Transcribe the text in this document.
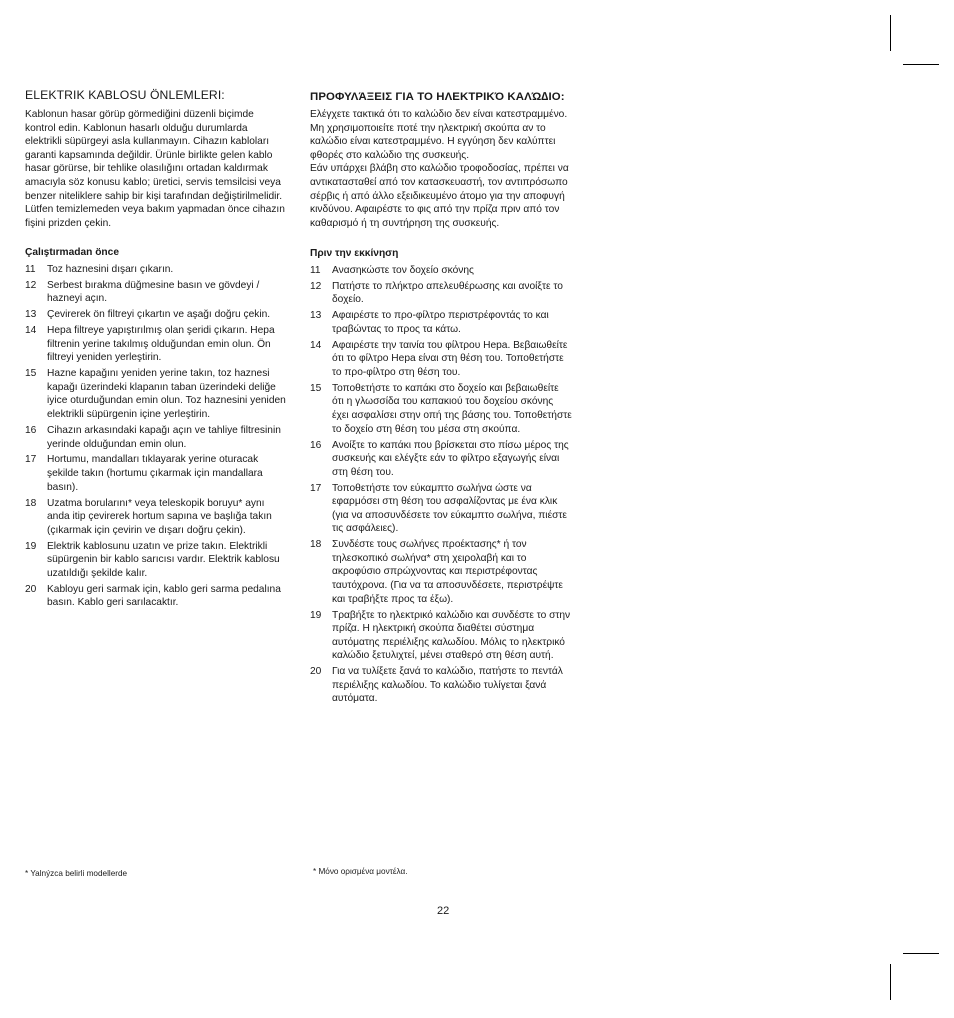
ELEKTRIK KABLOSU ÖNLEMLERI:

Kablonun hasar görüp görmediğini düzenli biçimde kontrol edin. Kablonun hasarlı olduğu durumlarda elektrikli süpürgeyi asla kullanmayın. Cihazın kabloları garanti kapsamında değildir. Ürünle birlikte gelen kablo hasar görürse, bir tehlike olasılığını ortadan kaldırmak amacıyla söz konusu kablo; üretici, servis temsilcisi veya benzer niteliklere sahip bir kişi tarafından değiştirilmelidir. Lütfen temizlemeden veya bakım yapmadan önce cihazın fişini prizden çekin.

Çalıştırmadan önce
11	Toz haznesini dışarı çıkarın.
12	Serbest bırakma düğmesine basın ve gövdeyi / hazneyi açın.
13	Çevirerek ön filtreyi çıkartın ve aşağı doğru çekin.
14	Hepa filtreye yapıştırılmış olan şeridi çıkarın. Hepa filtrenin yerine takılmış olduğundan emin olun. Ön filtreyi yeniden yerleştirin.
15	Hazne kapağını yeniden yerine takın, toz haznesi kapağı üzerindeki klapanın taban üzerindeki deliğe iyice oturduğundan emin olun. Toz haznesini yeniden elektrikli süpürgenin içine yerleştirin.
16	Cihazın arkasındaki kapağı açın ve tahliye filtresinin yerinde olduğundan emin olun.
17	Hortumu, mandalları tıklayarak yerine oturacak şekilde takın (hortumu çıkarmak için mandallara basın).
18	Uzatma borularını* veya teleskopik boruyu* aynı anda itip çevirerek hortum sapına ve başlığa takın (çıkarmak için çevirin ve dışarı doğru çekin).
19	Elektrik kablosunu uzatın ve prize takın. Elektrikli süpürgenin bir kablo sarıcısı vardır. Elektrik kablosu uzatıldığı şekilde kalır.
20	Kabloyu geri sarmak için, kablo geri sarma pedalına basın. Kablo geri sarılacaktır.
ΠΡΟΦΥΛΆΞΕΙΣ ΓΙΑ ΤΟ ΗΛΕΚΤΡΙΚΌ ΚΑΛΏ∆ΙΟ:

Ελέγχετε τακτικά ότι το καλώδιο δεν είναι κατεστραμμένο. Μη χρησιμοποιείτε ποτέ την ηλεκτρική σκούπα αν το καλώδιο είναι κατεστραμμένο. Η εγγύηση δεν καλύπτει φθορές στο καλώδιο της συσκευής.

Εάν υπάρχει βλάβη στο καλώδιο τροφοδοσίας, πρέπει να αντικατασταθεί από τον κατασκευαστή, τον αντιπρόσωπο σέρβις ή από άλλο εξειδικευμένο άτομο για την αποφυγή κινδύνου. Αφαιρέστε το φις από την πρίζα πριν από τον καθαρισμό ή τη συντήρηση της συσκευής.

Πριν την εκκίνηση
11	Ανασηκώστε τον δοχείο σκόνης
12	Πατήστε το πλήκτρο απελευθέρωσης και ανοίξτε το δοχείο.
13	Αφαιρέστε το προ-φίλτρο περιστρέφοντάς το και τραβώντας το προς τα κάτω.
14	Αφαιρέστε την ταινία του φίλτρου Hepa. Βεβαιωθείτε ότι το φίλτρο Hepa είναι στη θέση του. Τοποθετήστε το προ-φίλτρο στη θέση του.
15	Τοποθετήστε το καπάκι στο δοχείο και βεβαιωθείτε ότι η γλωσσίδα του καπακιού του δοχείου σκόνης έχει ασφαλίσει στην οπή της βάσης του. Τοποθετήστε το δοχείο στη θέση του μέσα στη σκούπα.
16	Ανοίξτε το καπάκι που βρίσκεται στο πίσω μέρος της συσκευής και ελέγξτε εάν το φίλτρο εξαγωγής είναι στη θέση του.
17	Τοποθετήστε τον εύκαμπτο σωλήνα ώστε να εφαρμόσει στη θέση του ασφαλίζοντας με ένα κλικ (για να αποσυνδέσετε τον εύκαμπτο σωλήνα, πιέστε τις ασφάλειες).
18	Συνδέστε τους σωλήνες προέκτασης* ή τον τηλεσκοπικό σωλήνα* στη χειρολαβή και το ακροφύσιο σπρώχνοντας και περιστρέφοντας ταυτόχρονα. (Για να τα αποσυνδέσετε, περιστρέψτε και τραβήξτε προς τα έξω).
19	Τραβήξτε το ηλεκτρικό καλώδιο και συνδέστε το στην πρίζα. Η ηλεκτρική σκούπα διαθέτει σύστημα αυτόματης περιέλιξης καλωδίου. Μόλις το ηλεκτρικό καλώδιο ξετυλιχτεί, μένει σταθερό στη θέση αυτή.
20	Για να τυλίξετε ξανά το καλώδιο, πατήστε το πεντάλ περιέλιξης καλωδίου. Το καλώδιο τυλίγεται ξανά αυτόματα.
* Yalnýzca belirli modellerde	* Μόνο ορισμένα μοντέλα.
22
